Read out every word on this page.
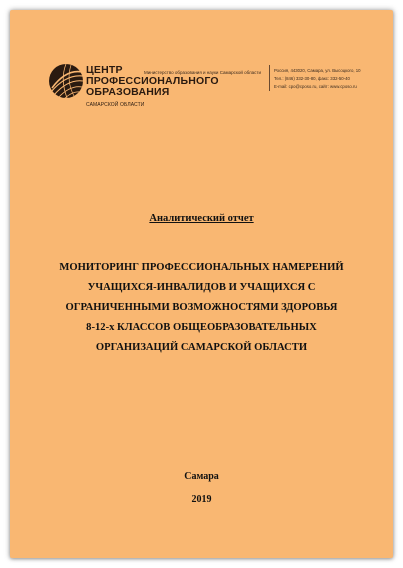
ЦЕНТР
ПРОФЕССИОНАЛЬНОГО
ОБРАЗОВАНИЯ
САМАРСКОЙ ОБЛАСТИ
Министерство образования и науки Самарской области	Россия, 443020, Самара, ул. Высоцкого, 10
Тел.: (846) 332-30-80, факс: 332-50-40
E-mail: cpo@cposo.ru, сайт: www.cposo.ru
Аналитический отчет
МОНИТОРИНГ ПРОФЕССИОНАЛЬНЫХ НАМЕРЕНИЙ
УЧАЩИХСЯ-ИНВАЛИДОВ И УЧАЩИХСЯ С
ОГРАНИЧЕННЫМИ ВОЗМОЖНОСТЯМИ ЗДОРОВЬЯ
8-12-х КЛАССОВ ОБЩЕОБРАЗОВАТЕЛЬНЫХ
ОРГАНИЗАЦИЙ САМАРСКОЙ ОБЛАСТИ
Самара
2019
